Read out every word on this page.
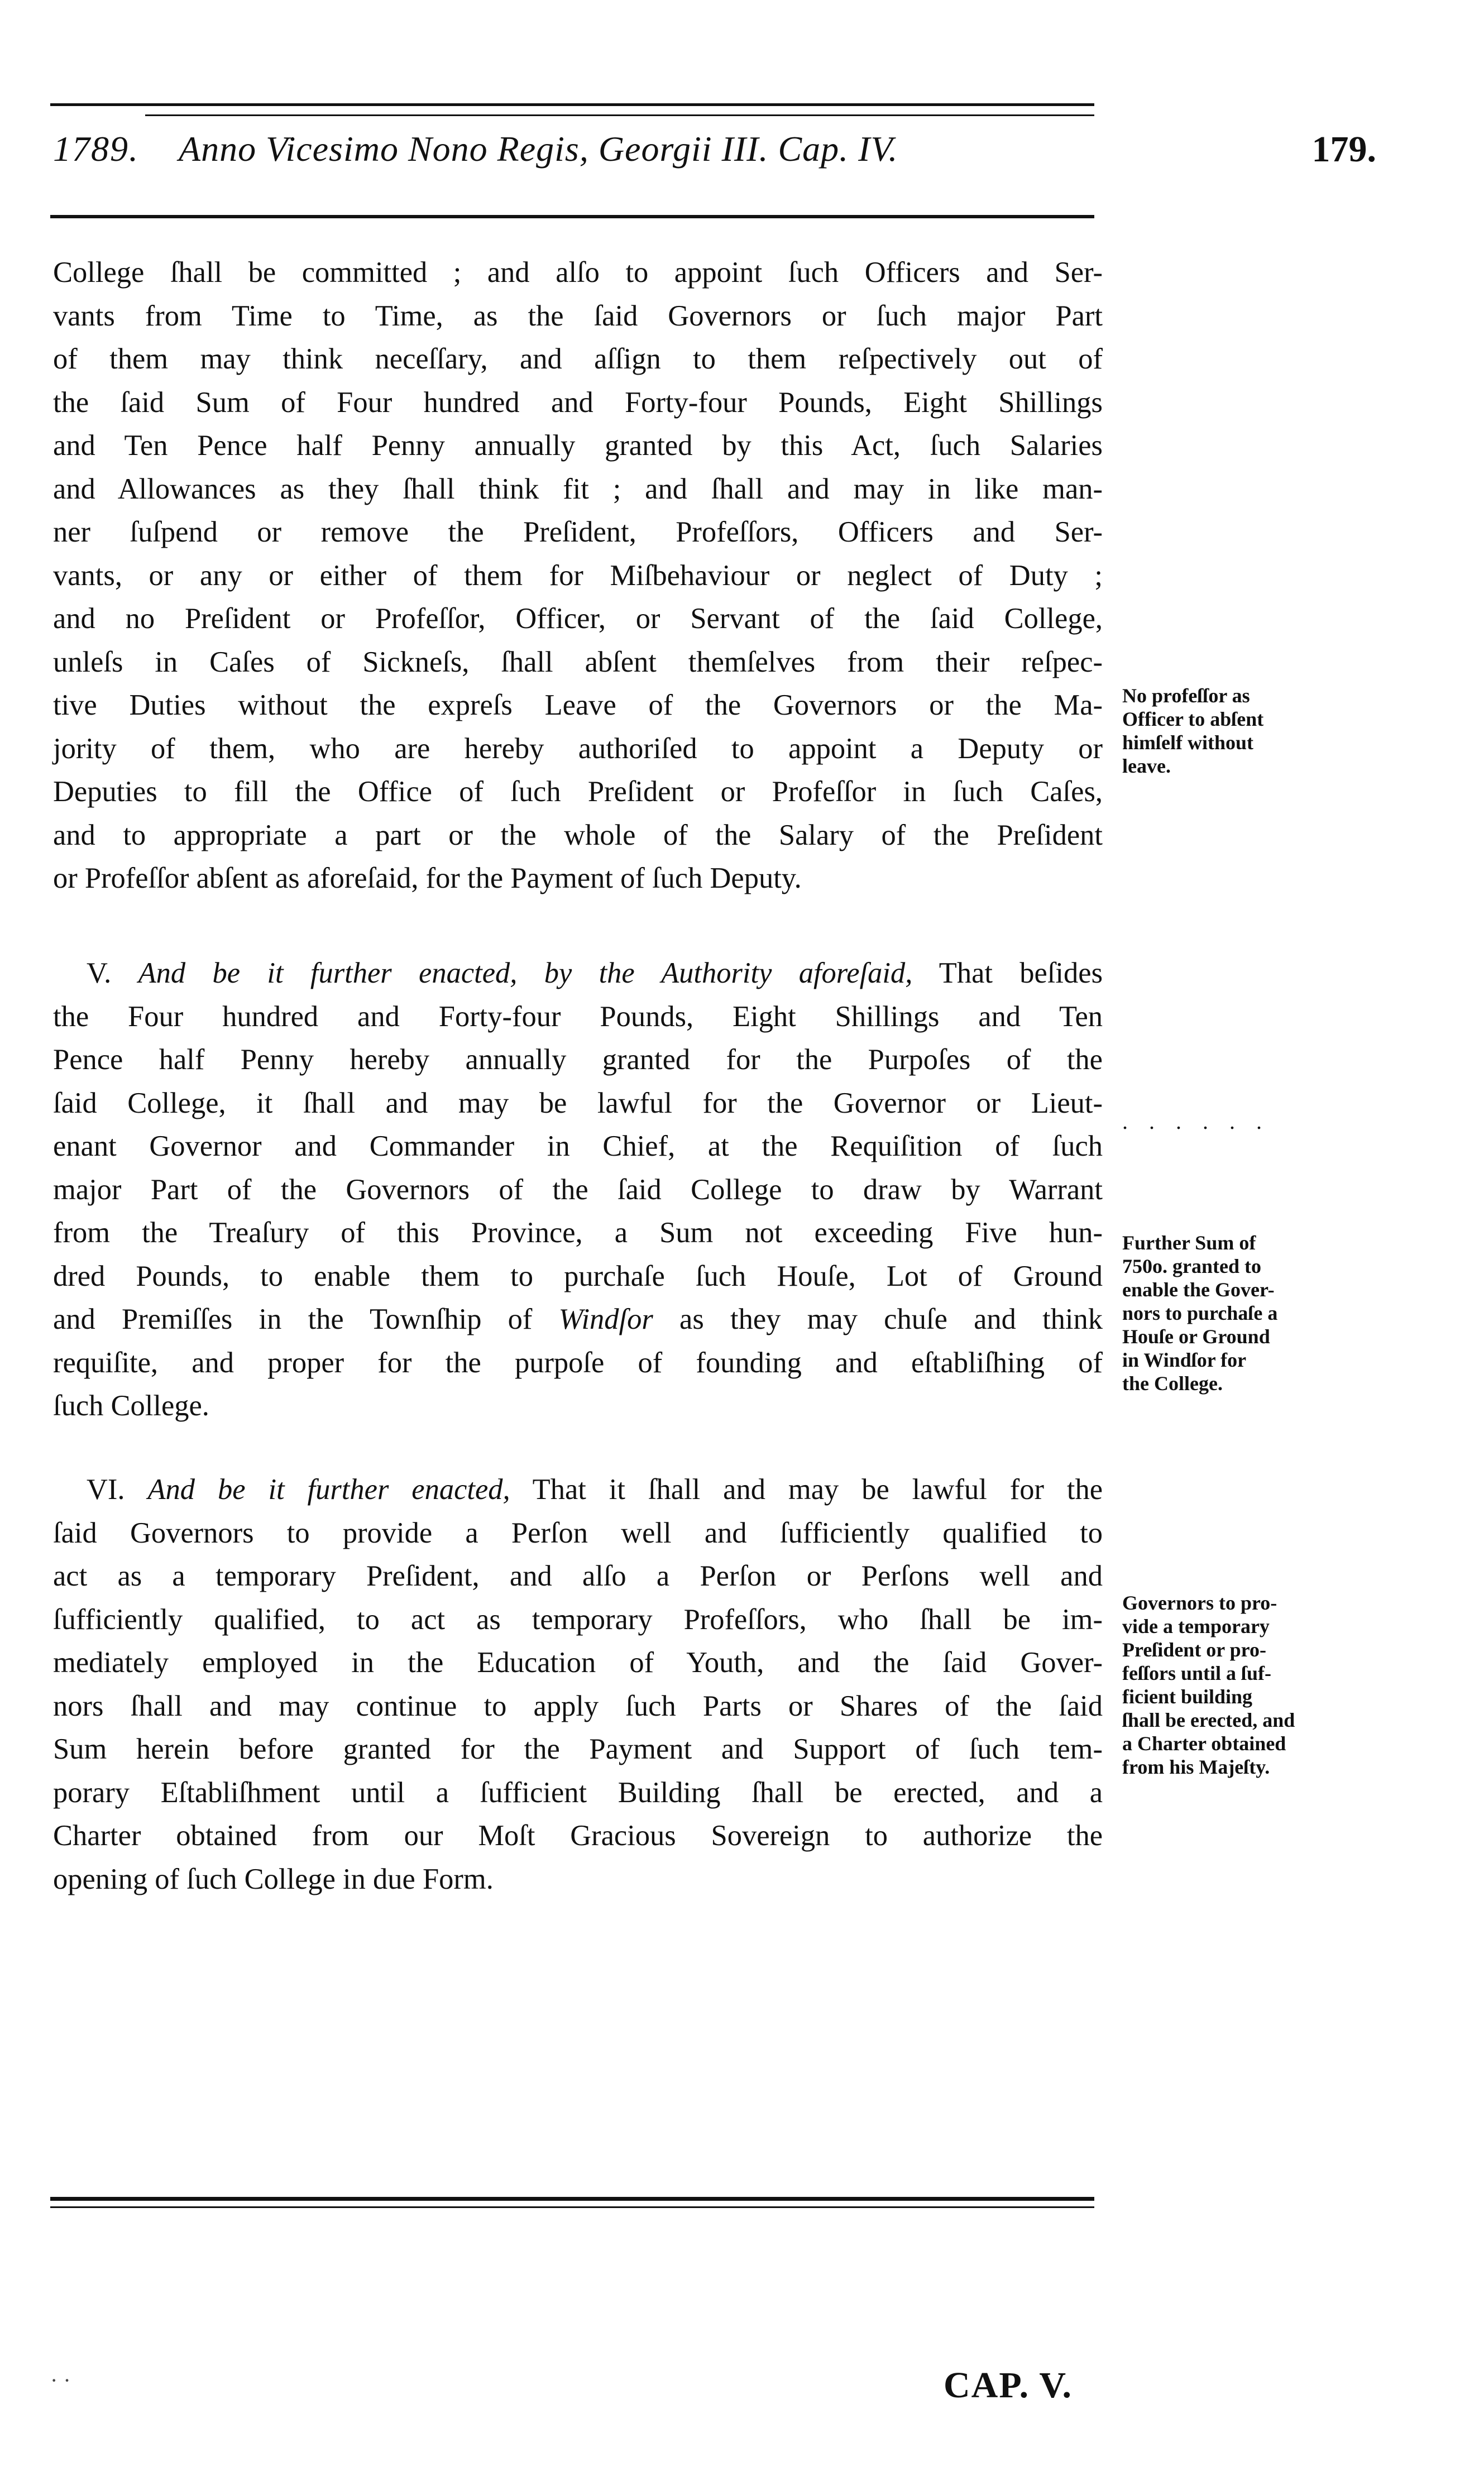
1789. Anno Vicesimo Nono Regis, Georgii III. Cap. IV.	179.
College ſhall be committed ; and alſo to appoint ſuch Officers and Ser-
vants from Time to Time, as the ſaid Governors or ſuch major Part
of them may think neceſſary, and aſſign to them reſpectively out of
the ſaid Sum of Four hundred and Forty-four Pounds, Eight Shillings
and Ten Pence half Penny annually granted by this Act, ſuch Salaries
and Allowances as they ſhall think fit ; and ſhall and may in like man-
ner ſuſpend or remove the Preſident, Profeſſors, Officers and Ser-
vants, or any or either of them for Miſbehaviour or neglect of Duty ;
and no Preſident or Profeſſor, Officer, or Servant of the ſaid College,
unleſs in Caſes of Sickneſs, ſhall abſent themſelves from their reſpec-
tive Duties without the expreſs Leave of the Governors or the Ma-
jority of them, who are hereby authoriſed to appoint a Deputy or
Deputies to fill the Office of ſuch Preſident or Profeſſor in ſuch Caſes,
and to appropriate a part or the whole of the Salary of the Preſident
or Profeſſor abſent as aforeſaid, for the Payment of ſuch Deputy.
No profeſſor as
Officer to abſent
himſelf without
leave.
V. And be it further enacted, by the Authority aforeſaid, That beſides
the Four hundred and Forty-four Pounds, Eight Shillings and Ten
Pence half Penny hereby annually granted for the Purpoſes of the
ſaid College, it ſhall and may be lawful for the Governor or Lieut-
enant Governor and Commander in Chief, at the Requiſition of ſuch
major Part of the Governors of the ſaid College to draw by Warrant
from the Treaſury of this Province, a Sum not exceeding Five hun-
dred Pounds, to enable them to purchaſe ſuch Houſe, Lot of Ground
and Premiſſes in the Townſhip of Windſor as they may chuſe and think
requiſite, and proper for the purpoſe of founding and eſtabliſhing of
ſuch College.
. . . . . .
Further Sum of
750o. granted to
enable the Gover-
nors to purchaſe a
Houſe or Ground
in Windſor for
the College.
VI. And be it further enacted, That it ſhall and may be lawful for the
ſaid Governors to provide a Perſon well and ſufficiently qualified to
act as a temporary Preſident, and alſo a Perſon or Perſons well and
ſufficiently qualified, to act as temporary Profeſſors, who ſhall be im-
mediately employed in the Education of Youth, and the ſaid Gover-
nors ſhall and may continue to apply ſuch Parts or Shares of the ſaid
Sum herein before granted for the Payment and Support of ſuch tem-
porary Eſtabliſhment until a ſufficient Building ſhall be erected, and a
Charter obtained from our Moſt Gracious Sovereign to authorize the
opening of ſuch College in due Form.
Governors to pro-
vide a temporary
Preſident or pro-
feſſors until a ſuf-
ficient building
ſhall be erected, and
a Charter obtained
from his Majeſty.
· ·	CAP. V.
